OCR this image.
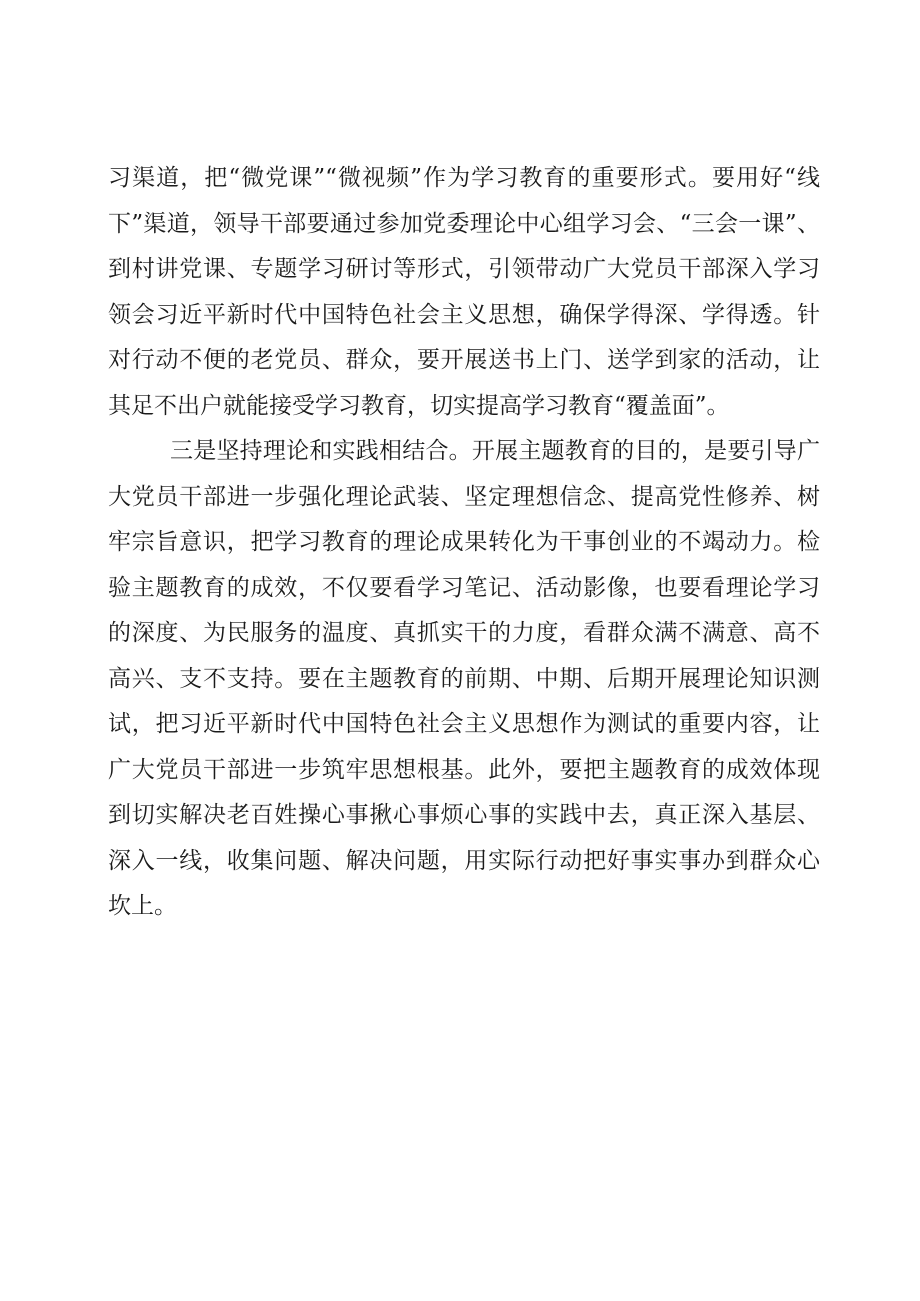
习渠道，把“微党课”“微视频”作为学习教育的重要形式。要用好“线
下”渠道，领导干部要通过参加党委理论中心组学习会、“三会一课”、
到村讲党课、专题学习研讨等形式，引领带动广大党员干部深入学习
领会习近平新时代中国特色社会主义思想，确保学得深、学得透。针
对行动不便的老党员、群众，要开展送书上门、送学到家的活动，让
其足不出户就能接受学习教育，切实提高学习教育“覆盖面”。
三是坚持理论和实践相结合。开展主题教育的目的，是要引导广
大党员干部进一步强化理论武装、坚定理想信念、提高党性修养、树
牢宗旨意识，把学习教育的理论成果转化为干事创业的不竭动力。检
验主题教育的成效，不仅要看学习笔记、活动影像，也要看理论学习
的深度、为民服务的温度、真抓实干的力度，看群众满不满意、高不
高兴、支不支持。要在主题教育的前期、中期、后期开展理论知识测
试，把习近平新时代中国特色社会主义思想作为测试的重要内容，让
广大党员干部进一步筑牢思想根基。此外，要把主题教育的成效体现
到切实解决老百姓操心事揪心事烦心事的实践中去，真正深入基层、
深入一线，收集问题、解决问题，用实际行动把好事实事办到群众心
坎上。
